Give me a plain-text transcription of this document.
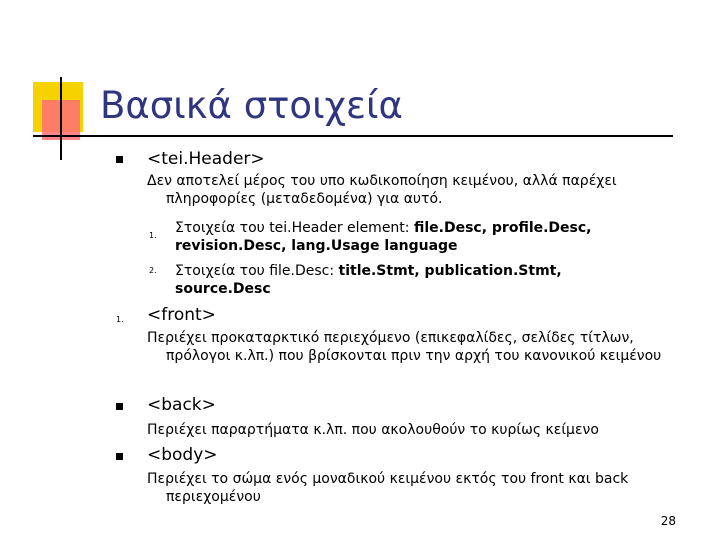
Βασικά στοιχεία
<tei.Header>
Δεν αποτελεί μέρος του υπο κωδικοποίηση κειμένου, αλλά παρέχει πληροφορίες (μεταδεδομένα) για αυτό.
1. Στοιχεία του tei.Header element: file.Desc, profile.Desc, revision.Desc, lang.Usage language
2. Στοιχεία του file.Desc: title.Stmt, publication.Stmt, source.Desc
1. <front>
Περιέχει προκαταρκτικό περιεχόμενο (επικεφαλίδες, σελίδες τίτλων, πρόλογοι κ.λπ.) που βρίσκονται πριν την αρχή του κανονικού κειμένου
<back>
Περιέχει παραρτήματα κ.λπ. που ακολουθούν το κυρίως κείμενο
<body>
Περιέχει το σώμα ενός μοναδικού κειμένου εκτός του front και back περιεχομένου
28
